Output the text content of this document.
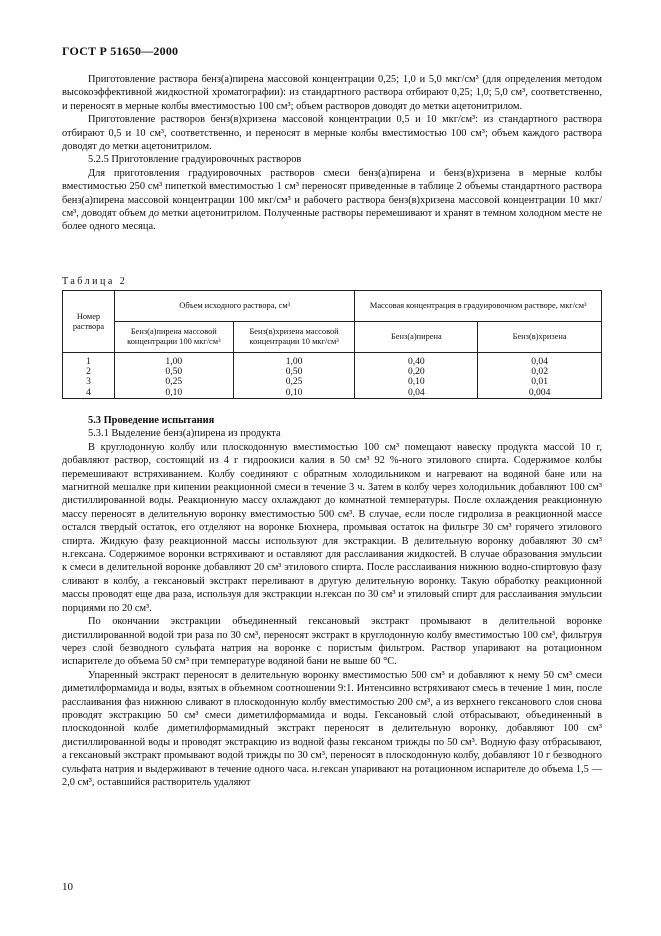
ГОСТ Р 51650—2000

Приготовление раствора бенз(а)пирена массовой концентрации 0,25; 1,0 и 5,0 мкг/см³ (для определения методом высокоэффективной жидкостной хроматографии): из стандартного раствора отбирают 0,25; 1,0; 5,0 см³, соответственно, и переносят в мерные колбы вместимостью 100 см³; объем растворов доводят до метки ацетонитрилом.

Приготовление растворов бенз(в)хризена массовой концентрации 0,5 и 10 мкг/см³: из стандартного раствора отбирают 0,5 и 10 см³, соответственно, и переносят в мерные колбы вместимостью 100 см³; объем каждого раствора доводят до метки ацетонитрилом.

5.2.5 Приготовление градуировочных растворов

Для приготовления градуировочных растворов смеси бенз(а)пирена и бенз(в)хризена в мерные колбы вместимостью 250 см³ пипеткой вместимостью 1 см³ переносят приведенные в таблице 2 объемы стандартного раствора бенз(а)пирена массовой концентрации 100 мкг/см³ и рабочего раствора бенз(в)хризена массовой концентрации 10 мкг/см³, доводят объем до метки ацетонитрилом. Полученные растворы перемешивают и хранят в темном холодном месте не более одного месяца.

Таблица 2
Номер раствора	Объем исходного раствора, см³		Массовая концентрация в градуировочном растворе, мкг/см³	
	Бенз(а)пирена массовой концентрации 100 мкг/см³	Бенз(в)хризена массовой концентрации 10 мкг/см³	Бенз(а)пирена	Бенз(в)хризена
1	1,00	1,00	0,40	0,04
2	0,50	0,50	0,20	0,02
3	0,25	0,25	0,10	0,01
4	0,10	0,10	0,04	0,004

5.3 Проведение испытания

5.3.1 Выделение бенз(а)пирена из продукта

В круглодонную колбу или плоскодонную вместимостью 100 см³ помещают навеску продукта массой 10 г, добавляют раствор, состоящий из 4 г гидроокиси калия в 50 см³ 92 %-ного этилового спирта. Содержимое колбы перемешивают встряхиванием. Колбу соединяют с обратным холодильником и нагревают на водяной бане или на магнитной мешалке при кипении реакционной смеси в течение 3 ч. Затем в колбу через холодильник добавляют 100 см³ дистиллированной воды. Реакционную массу охлаждают до комнатной температуры. После охлаждения реакционную массу переносят в делительную воронку вместимостью 500 см³. В случае, если после гидролиза в реакционной массе остался твердый остаток, его отделяют на воронке Бюхнера, промывая остаток на фильтре 30 см³ горячего этилового спирта. Жидкую фазу реакционной массы используют для экстракции. В делительную воронку добавляют 30 см³ н.гексана. Содержимое воронки встряхивают и оставляют для расслаивания жидкостей. В случае образования эмульсии к смеси в делительной воронке добавляют 20 см³ этилового спирта. После расслаивания нижнюю водно-спиртовую фазу сливают в колбу, а гексановый экстракт переливают в другую делительную воронку. Такую обработку реакционной массы проводят еще два раза, используя для экстракции н.гексан по 30 см³ и этиловый спирт для расслаивания эмульсии порциями по 20 см³.

По окончании экстракции объединенный гексановый экстракт промывают в делительной воронке дистиллированной водой три раза по 30 см³, переносят экстракт в круглодонную колбу вместимостью 100 см³, фильтруя через слой безводного сульфата натрия на воронке с пористым фильтром. Раствор упаривают на ротационном испарителе до объема 50 см³ при температуре водяной бани не выше 60 °С.

Упаренный экстракт переносят в делительную воронку вместимостью 500 см³ и добавляют к нему 50 см³ смеси диметилформамида и воды, взятых в объемном соотношении 9:1. Интенсивно встряхивают смесь в течение 1 мин, после расслаивания фаз нижнюю сливают в плоскодонную колбу вместимостью 200 см³, а из верхнего гексанового слоя снова проводят экстракцию 50 см³ смеси диметилформамида и воды. Гексановый слой отбрасывают, объединенный в плоскодонной колбе диметилформамидный экстракт переносят в делительную воронку, добавляют 100 см³ дистиллированной воды и проводят экстракцию из водной фазы гексаном трижды по 50 см³. Водную фазу отбрасывают, а гексановый экстракт промывают водой трижды по 30 см³, переносят в плоскодонную колбу, добавляют 10 г безводного сульфата натрия и выдерживают в течение одного часа. н.гексан упаривают на ротационном испарителе до объема 1,5 — 2,0 см³, оставшийся растворитель удаляют

10
